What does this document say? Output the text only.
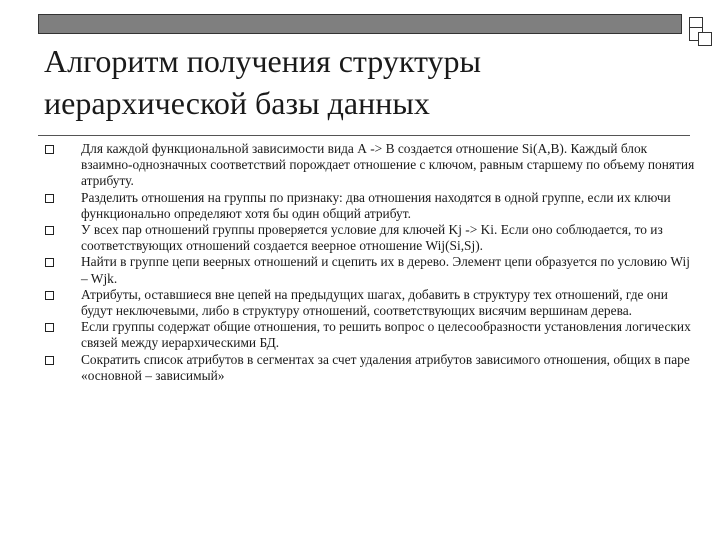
Алгоритм получения структуры
иерархической базы данных
Для каждой функциональной зависимости вида А -> В создается отношение Si(A,B). Каждый блок взаимно-однозначных соответствий порождает отношение с ключом, равным старшему по объему понятия атрибуту.
Разделить отношения на группы по признаку: два отношения находятся в одной группе, если их ключи функционально определяют хотя бы один общий атрибут.
У всех пар отношений группы проверяется условие для ключей Kj -> Ki. Если оно соблюдается, то из соответствующих отношений создается веерное отношение Wij(Si,Sj).
Найти в группе цепи веерных отношений и сцепить их в дерево. Элемент цепи образуется по условию Wij – Wjk.
Атрибуты, оставшиеся вне цепей на предыдущих шагах, добавить в структуру тех отношений, где они будут неключевыми, либо в структуру отношений, соответствующих висячим вершинам дерева.
Если группы содержат общие отношения, то решить вопрос о целесообразности установления логических связей между иерархическими БД.
Сократить список атрибутов в сегментах за счет удаления атрибутов зависимого отношения, общих в паре «основной – зависимый»
